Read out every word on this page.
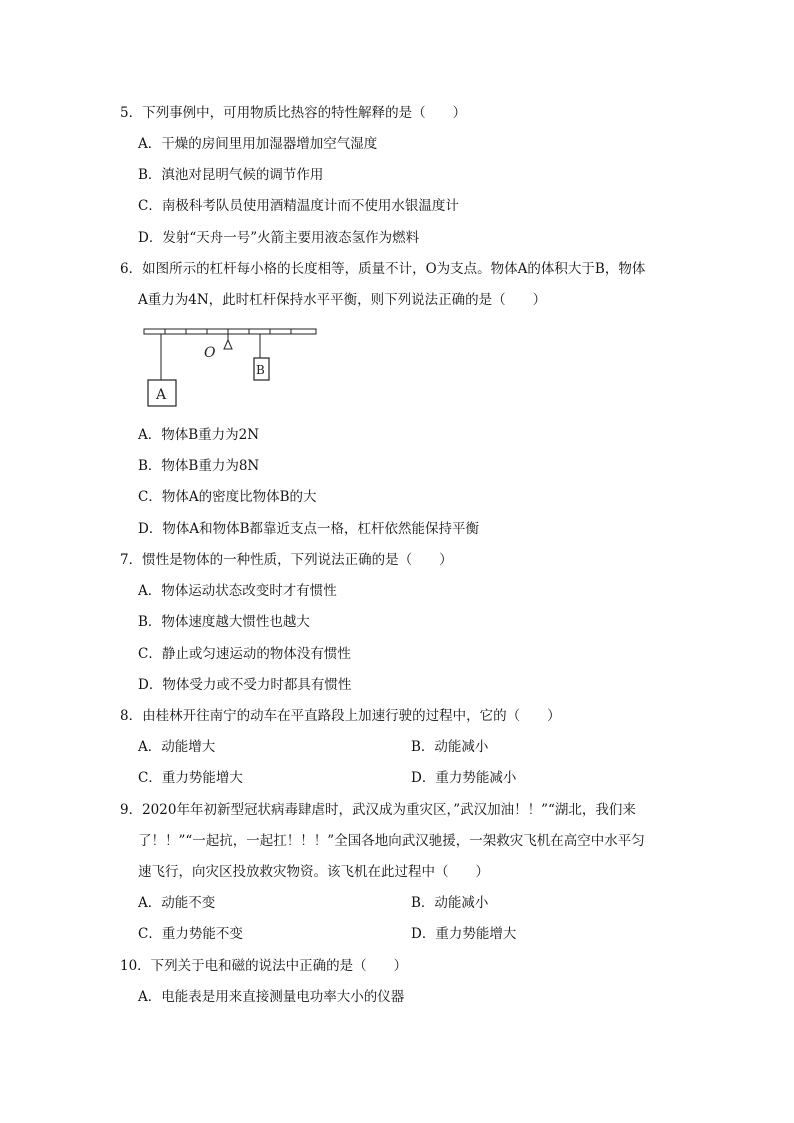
5．下列事例中，可用物质比热容的特性解释的是（　　）
A．干燥的房间里用加湿器增加空气湿度
B．滇池对昆明气候的调节作用
C．南极科考队员使用酒精温度计而不使用水银温度计
D．发射“天舟一号”火箭主要用液态氢作为燃料
6．如图所示的杠杆每小格的长度相等，质量不计，O为支点。物体A的体积大于B，物体
A重力为4N，此时杠杆保持水平平衡，则下列说法正确的是（　　）
O
A
B
A．物体B重力为2N
B．物体B重力为8N
C．物体A的密度比物体B的大
D．物体A和物体B都靠近支点一格，杠杆依然能保持平衡
7．惯性是物体的一种性质，下列说法正确的是（　　）
A．物体运动状态改变时才有惯性
B．物体速度越大惯性也越大
C．静止或匀速运动的物体没有惯性
D．物体受力或不受力时都具有惯性
8．由桂林开往南宁的动车在平直路段上加速行驶的过程中，它的（　　）
A．动能增大	B．动能减小
C．重力势能增大	D．重力势能减小
9．2020年年初新型冠状病毒肆虐时，武汉成为重灾区，”武汉加油！！”“湖北，我们来
了！！”“一起抗，一起扛！！！”全国各地向武汉驰援，一架救灾飞机在高空中水平匀
速飞行，向灾区投放救灾物资。该飞机在此过程中（　　）
A．动能不变	B．动能减小
C．重力势能不变	D．重力势能增大
10．下列关于电和磁的说法中正确的是（　　）
A．电能表是用来直接测量电功率大小的仪器
